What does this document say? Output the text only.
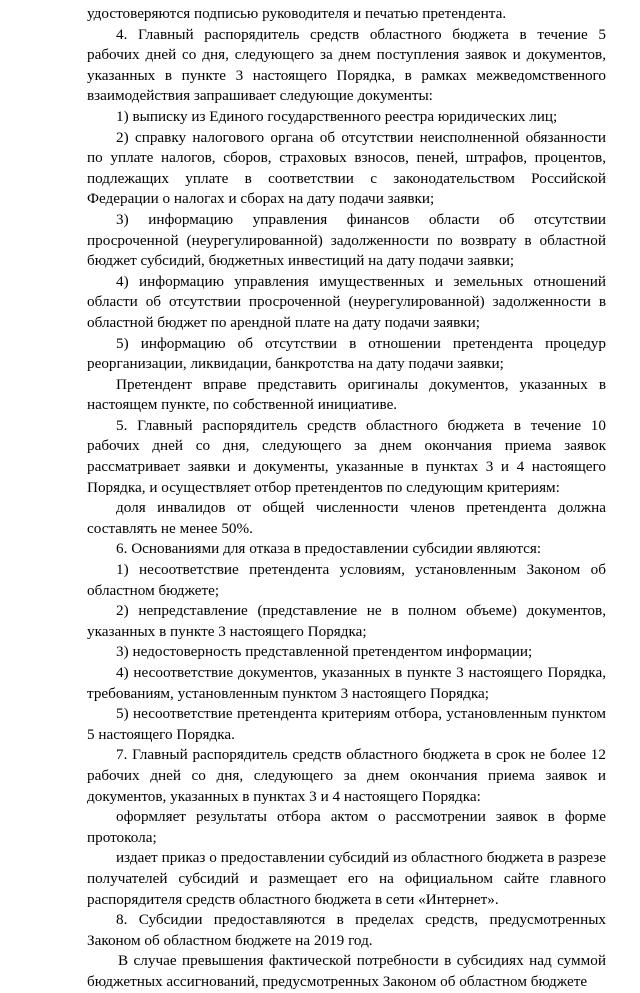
удостоверяются подписью руководителя и печатью претендента.

4. Главный распорядитель средств областного бюджета в течение 5 рабочих дней со дня, следующего за днем поступления заявок и документов, указанных в пункте 3 настоящего Порядка, в рамках межведомственного взаимодействия запрашивает следующие документы:

1) выписку из Единого государственного реестра юридических лиц;

2) справку налогового органа об отсутствии неисполненной обязанности по уплате налогов, сборов, страховых взносов, пеней, штрафов, процентов, подлежащих уплате в соответствии с законодательством Российской Федерации о налогах и сборах на дату подачи заявки;

3) информацию управления финансов области об отсутствии просроченной (неурегулированной) задолженности по возврату в областной бюджет субсидий, бюджетных инвестиций на дату подачи заявки;

4) информацию управления имущественных и земельных отношений области об отсутствии просроченной (неурегулированной) задолженности в областной бюджет по арендной плате на дату подачи заявки;

5) информацию об отсутствии в отношении претендента процедур реорганизации, ликвидации, банкротства на дату подачи заявки;

Претендент вправе представить оригиналы документов, указанных в настоящем пункте, по собственной инициативе.

5. Главный распорядитель средств областного бюджета в течение 10 рабочих дней со дня, следующего за днем окончания приема заявок рассматривает заявки и документы, указанные в пунктах 3 и 4 настоящего Порядка, и осуществляет отбор претендентов по следующим критериям:

доля инвалидов от общей численности членов претендента должна составлять не менее 50%.

6. Основаниями для отказа в предоставлении субсидии являются:

1) несоответствие претендента условиям, установленным Законом об областном бюджете;

2) непредставление (представление не в полном объеме) документов, указанных в пункте 3 настоящего Порядка;

3) недостоверность представленной претендентом информации;

4) несоответствие документов, указанных в пункте 3 настоящего Порядка, требованиям, установленным пунктом 3 настоящего Порядка;

5) несоответствие претендента критериям отбора, установленным пунктом 5 настоящего Порядка.

7. Главный распорядитель средств областного бюджета в срок не более 12 рабочих дней со дня, следующего за днем окончания приема заявок и документов, указанных в пунктах 3 и 4 настоящего Порядка:

оформляет результаты отбора актом о рассмотрении заявок в форме протокола;

издает приказ о предоставлении субсидий из областного бюджета в разрезе получателей субсидий и размещает его на официальном сайте главного распорядителя средств областного бюджета в сети «Интернет».

8. Субсидии предоставляются в пределах средств, предусмотренных Законом об областном бюджете на 2019 год.

В случае превышения фактической потребности в субсидиях над суммой бюджетных ассигнований, предусмотренных Законом об областном бюджете
